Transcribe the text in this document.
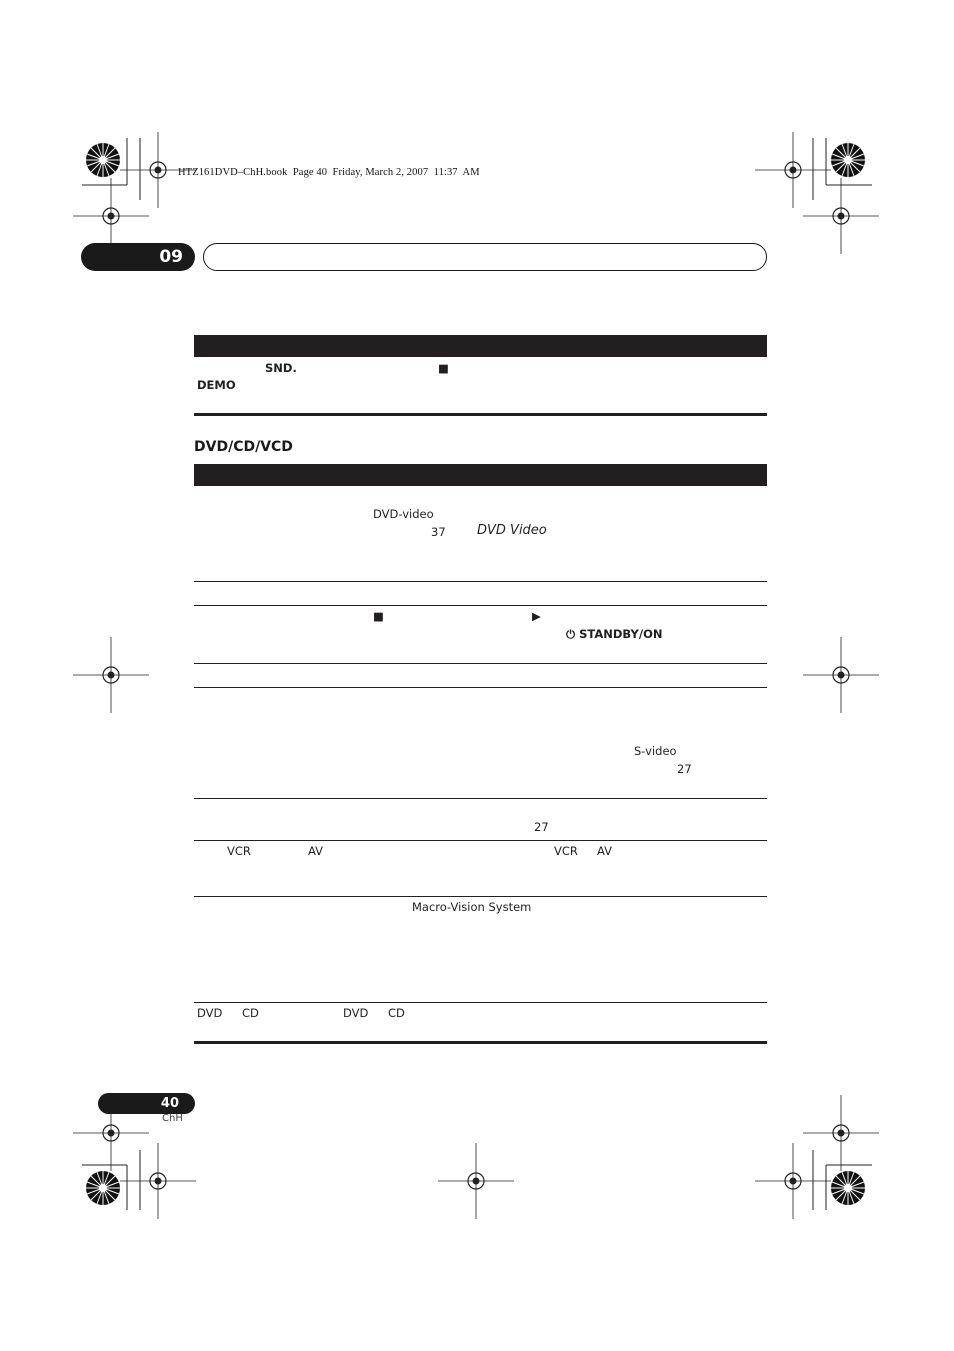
HTZ161DVD–ChH.book  Page 40  Friday, March 2, 2007  11:37  AM
09
SND.	■
DEMO
DVD/CD/VCD
DVD-video
37 DVD Video
■	▶
⏻ STANDBY/ON
S-video
27
27
VCR	AV	VCR AV
Macro-Vision System
DVD CD	DVD CD
40
ChH
